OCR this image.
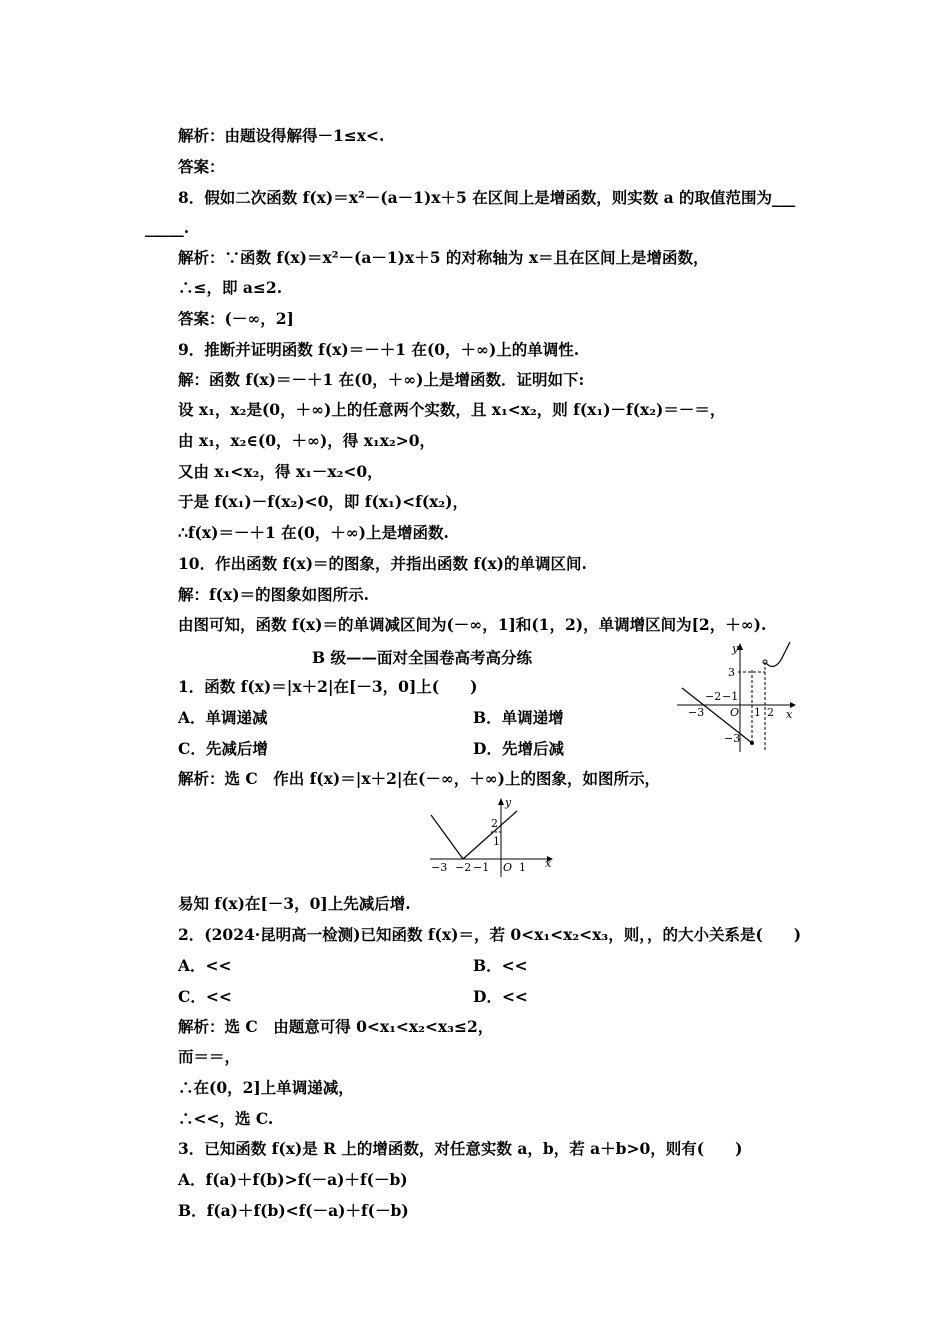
解析：由题设得解得－1≤x<.
答案：
8．假如二次函数 f(x)＝x²－(a－1)x＋5 在区间上是增函数，则实数 a 的取值范围为___
_____.
解析：∵函数 f(x)＝x²－(a－1)x＋5 的对称轴为 x＝且在区间上是增函数，
∴≤，即 a≤2.
答案：(－∞，2]
9．推断并证明函数 f(x)＝－＋1 在(0，＋∞)上的单调性.
解：函数 f(x)＝－＋1 在(0，＋∞)上是增函数．证明如下:
设 x₁，x₂是(0，＋∞)上的任意两个实数，且 x₁<x₂，则 f(x₁)－f(x₂)＝－＝，
由 x₁，x₂∈(0，＋∞)，得 x₁x₂>0，
又由 x₁<x₂，得 x₁－x₂<0，
于是 f(x₁)－f(x₂)<0，即 f(x₁)<f(x₂)，
∴f(x)＝－＋1 在(0，＋∞)上是增函数.
10．作出函数 f(x)＝的图象，并指出函数 f(x)的单调区间.
解：f(x)＝的图象如图所示.
由图可知，函数 f(x)＝的单调减区间为(－∞，1]和(1，2)，单调增区间为[2，＋∞).
B 级——面对全国卷高考高分练	y
x
3
−2 −1
−3 O 1 2
−3
1．函数 f(x)＝|x＋2|在[－3，0]上(　　)
A．单调递减	B．单调递增
C．先减后增	D．先增后减
解析：选 C　作出 f(x)＝|x＋2|在(－∞，＋∞)上的图象，如图所示，
y
x
2
1
−3 −2 −1 O 1
易知 f(x)在[－3，0]上先减后增.
2．(2024·昆明高一检测)已知函数 f(x)＝，若 0<x₁<x₂<x₃，则，，的大小关系是(　　)
A．<<	B．<<
C．<<	D．<<
解析：选 C　由题意可得 0<x₁<x₂<x₃≤2，
而＝＝，
∴在(0，2]上单调递减，
∴<<，选 C.
3．已知函数 f(x)是 R 上的增函数，对任意实数 a，b，若 a＋b>0，则有(　　)
A．f(a)＋f(b)>f(－a)＋f(－b)
B．f(a)＋f(b)<f(－a)＋f(－b)
